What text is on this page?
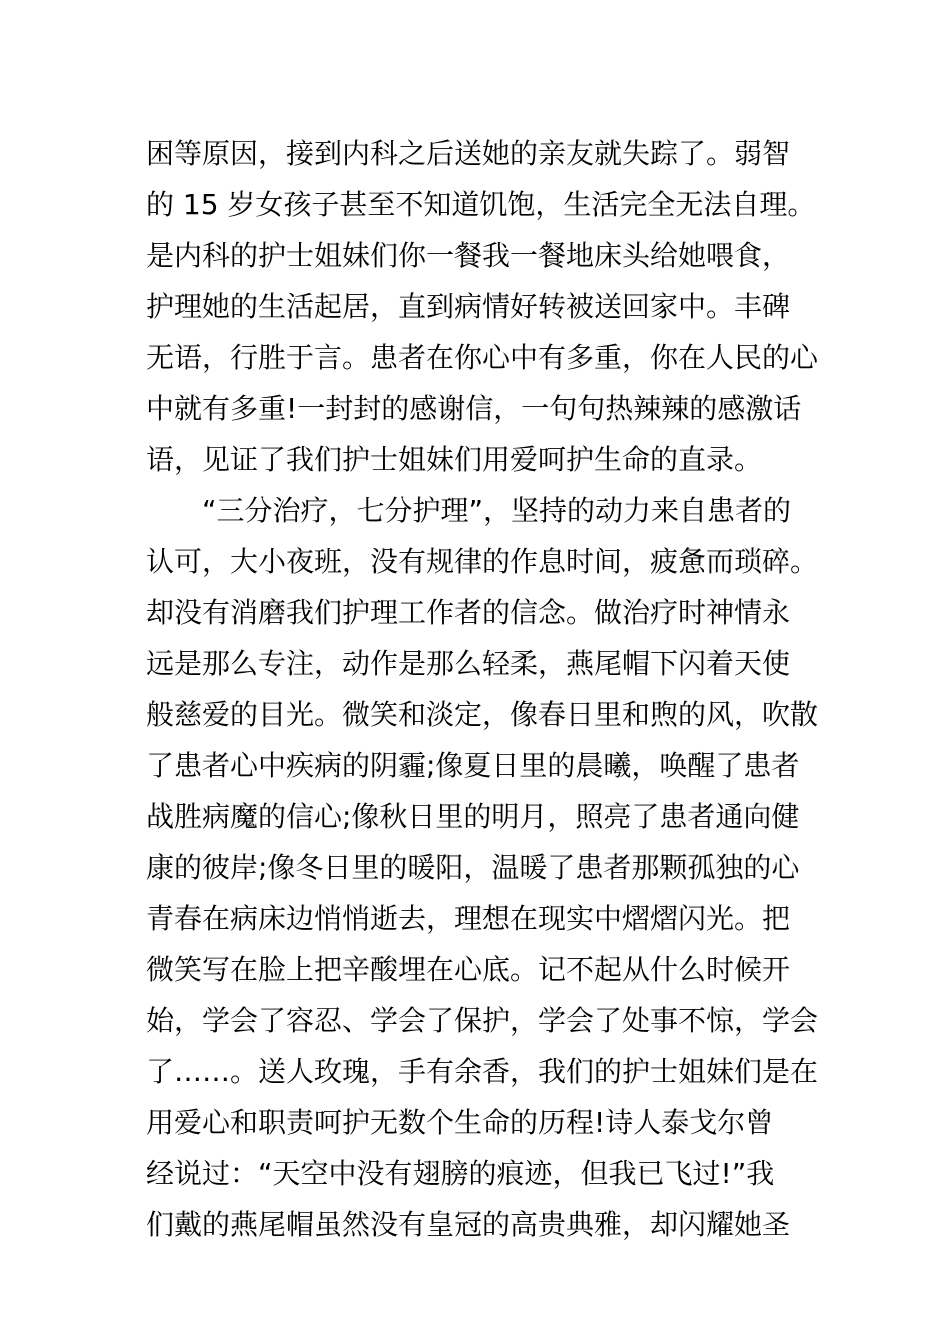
困等原因，接到内科之后送她的亲友就失踪了。弱智
的 15 岁女孩子甚至不知道饥饱，生活完全无法自理。
是内科的护士姐妹们你一餐我一餐地床头给她喂食，
护理她的生活起居，直到病情好转被送回家中。丰碑
无语，行胜于言。患者在你心中有多重，你在人民的心
中就有多重!一封封的感谢信，一句句热辣辣的感激话
语，见证了我们护士姐妹们用爱呵护生命的直录。
“三分治疗，七分护理”，坚持的动力来自患者的
认可，大小夜班，没有规律的作息时间，疲惫而琐碎。
却没有消磨我们护理工作者的信念。做治疗时神情永
远是那么专注，动作是那么轻柔，燕尾帽下闪着天使
般慈爱的目光。微笑和淡定，像春日里和煦的风，吹散
了患者心中疾病的阴霾;像夏日里的晨曦，唤醒了患者
战胜病魔的信心;像秋日里的明月，照亮了患者通向健
康的彼岸;像冬日里的暖阳，温暖了患者那颗孤独的心
青春在病床边悄悄逝去，理想在现实中熠熠闪光。把
微笑写在脸上把辛酸埋在心底。记不起从什么时候开
始，学会了容忍、学会了保护，学会了处事不惊，学会
了……。送人玫瑰，手有余香，我们的护士姐妹们是在
用爱心和职责呵护无数个生命的历程!诗人泰戈尔曾
经说过：“天空中没有翅膀的痕迹，但我已飞过!”我
们戴的燕尾帽虽然没有皇冠的高贵典雅，却闪耀她圣
